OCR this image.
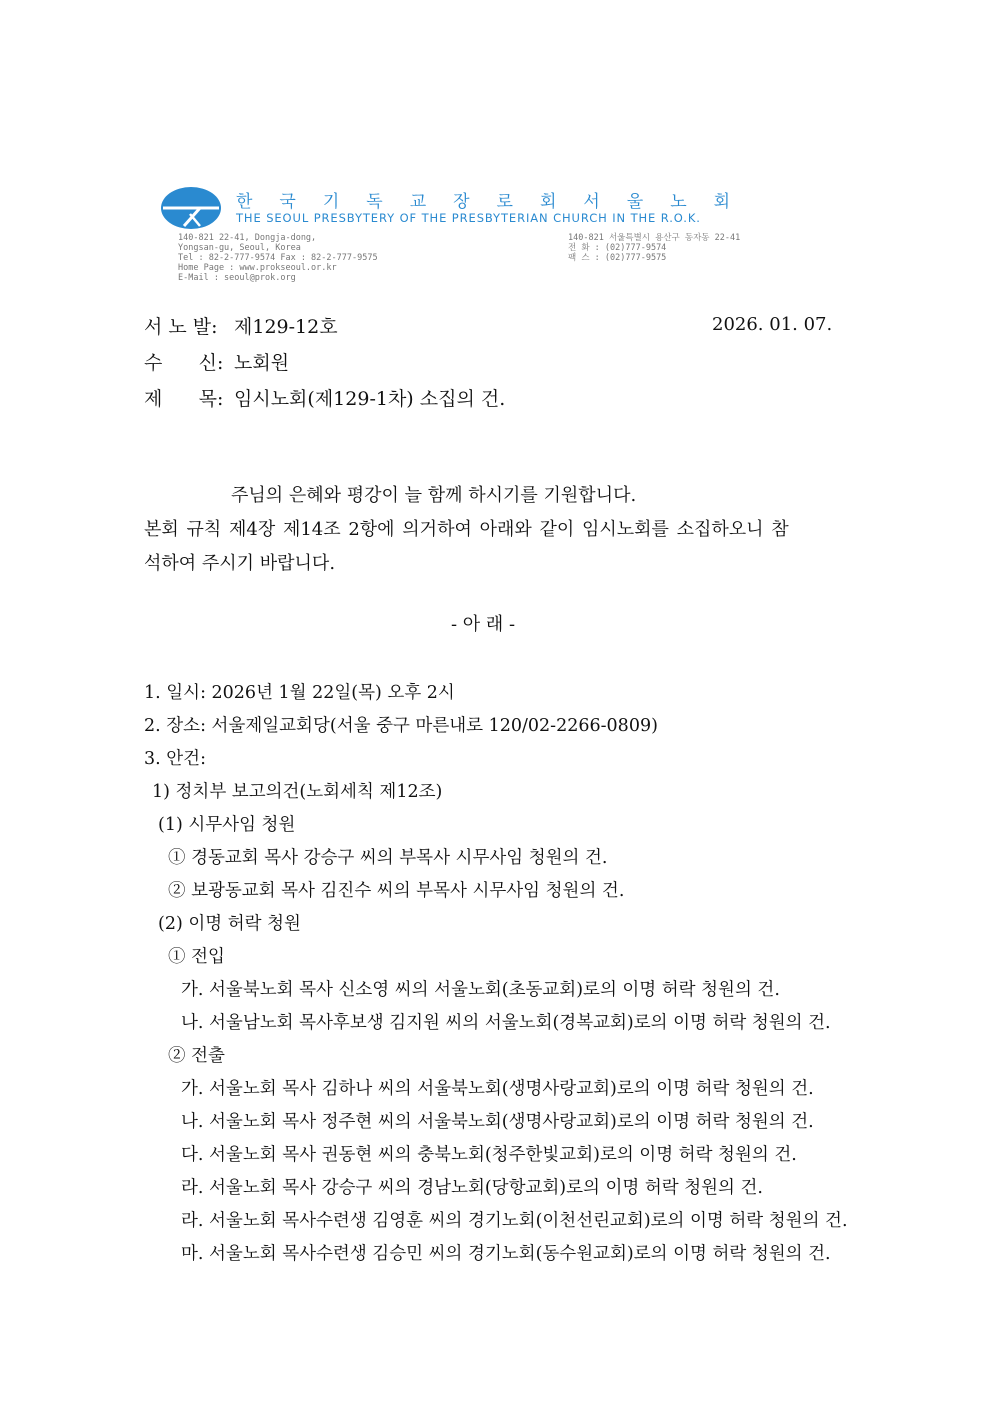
한국기독교장로회서울노회
THE SEOUL PRESBYTERY OF THE PRESBYTERIAN CHURCH IN THE R.O.K.
140-821 22-41, Dongja-dong,
Yongsan-gu, Seoul, Korea
Tel : 82-2-777-9574 Fax : 82-2-777-9575
Home Page : www.prokseoul.or.kr
E-Mail : seoul@prok.org
140-821 서울특별시 용산구 동자동 22-41
전 화 : (02)777-9574
팩 스 : (02)777-9575
서 노 발: 제129-12호	2026. 01. 07.
수      신: 노회원
제      목: 임시노회(제129-1차) 소집의 건.
주님의 은혜와 평강이 늘 함께 하시기를 기원합니다.
본회 규칙 제4장 제14조 2항에 의거하여 아래와 같이 임시노회를 소집하오니 참
석하여 주시기 바랍니다.
- 아 래 -
1. 일시: 2026년 1월 22일(목) 오후 2시
2. 장소: 서울제일교회당(서울 중구 마른내로 120/02-2266-0809)
3. 안건:
1) 정치부 보고의건(노회세칙 제12조)
(1) 시무사임 청원
① 경동교회 목사 강승구 씨의 부목사 시무사임 청원의 건.
② 보광동교회 목사 김진수 씨의 부목사 시무사임 청원의 건.
(2) 이명 허락 청원
① 전입
가. 서울북노회 목사 신소영 씨의 서울노회(초동교회)로의 이명 허락 청원의 건.
나. 서울남노회 목사후보생 김지원 씨의 서울노회(경복교회)로의 이명 허락 청원의 건.
② 전출
가. 서울노회 목사 김하나 씨의 서울북노회(생명사랑교회)로의 이명 허락 청원의 건.
나. 서울노회 목사 정주현 씨의 서울북노회(생명사랑교회)로의 이명 허락 청원의 건.
다. 서울노회 목사 권동현 씨의 충북노회(청주한빛교회)로의 이명 허락 청원의 건.
라. 서울노회 목사 강승구 씨의 경남노회(당항교회)로의 이명 허락 청원의 건.
라. 서울노회 목사수련생 김영훈 씨의 경기노회(이천선린교회)로의 이명 허락 청원의 건.
마. 서울노회 목사수련생 김승민 씨의 경기노회(동수원교회)로의 이명 허락 청원의 건.
